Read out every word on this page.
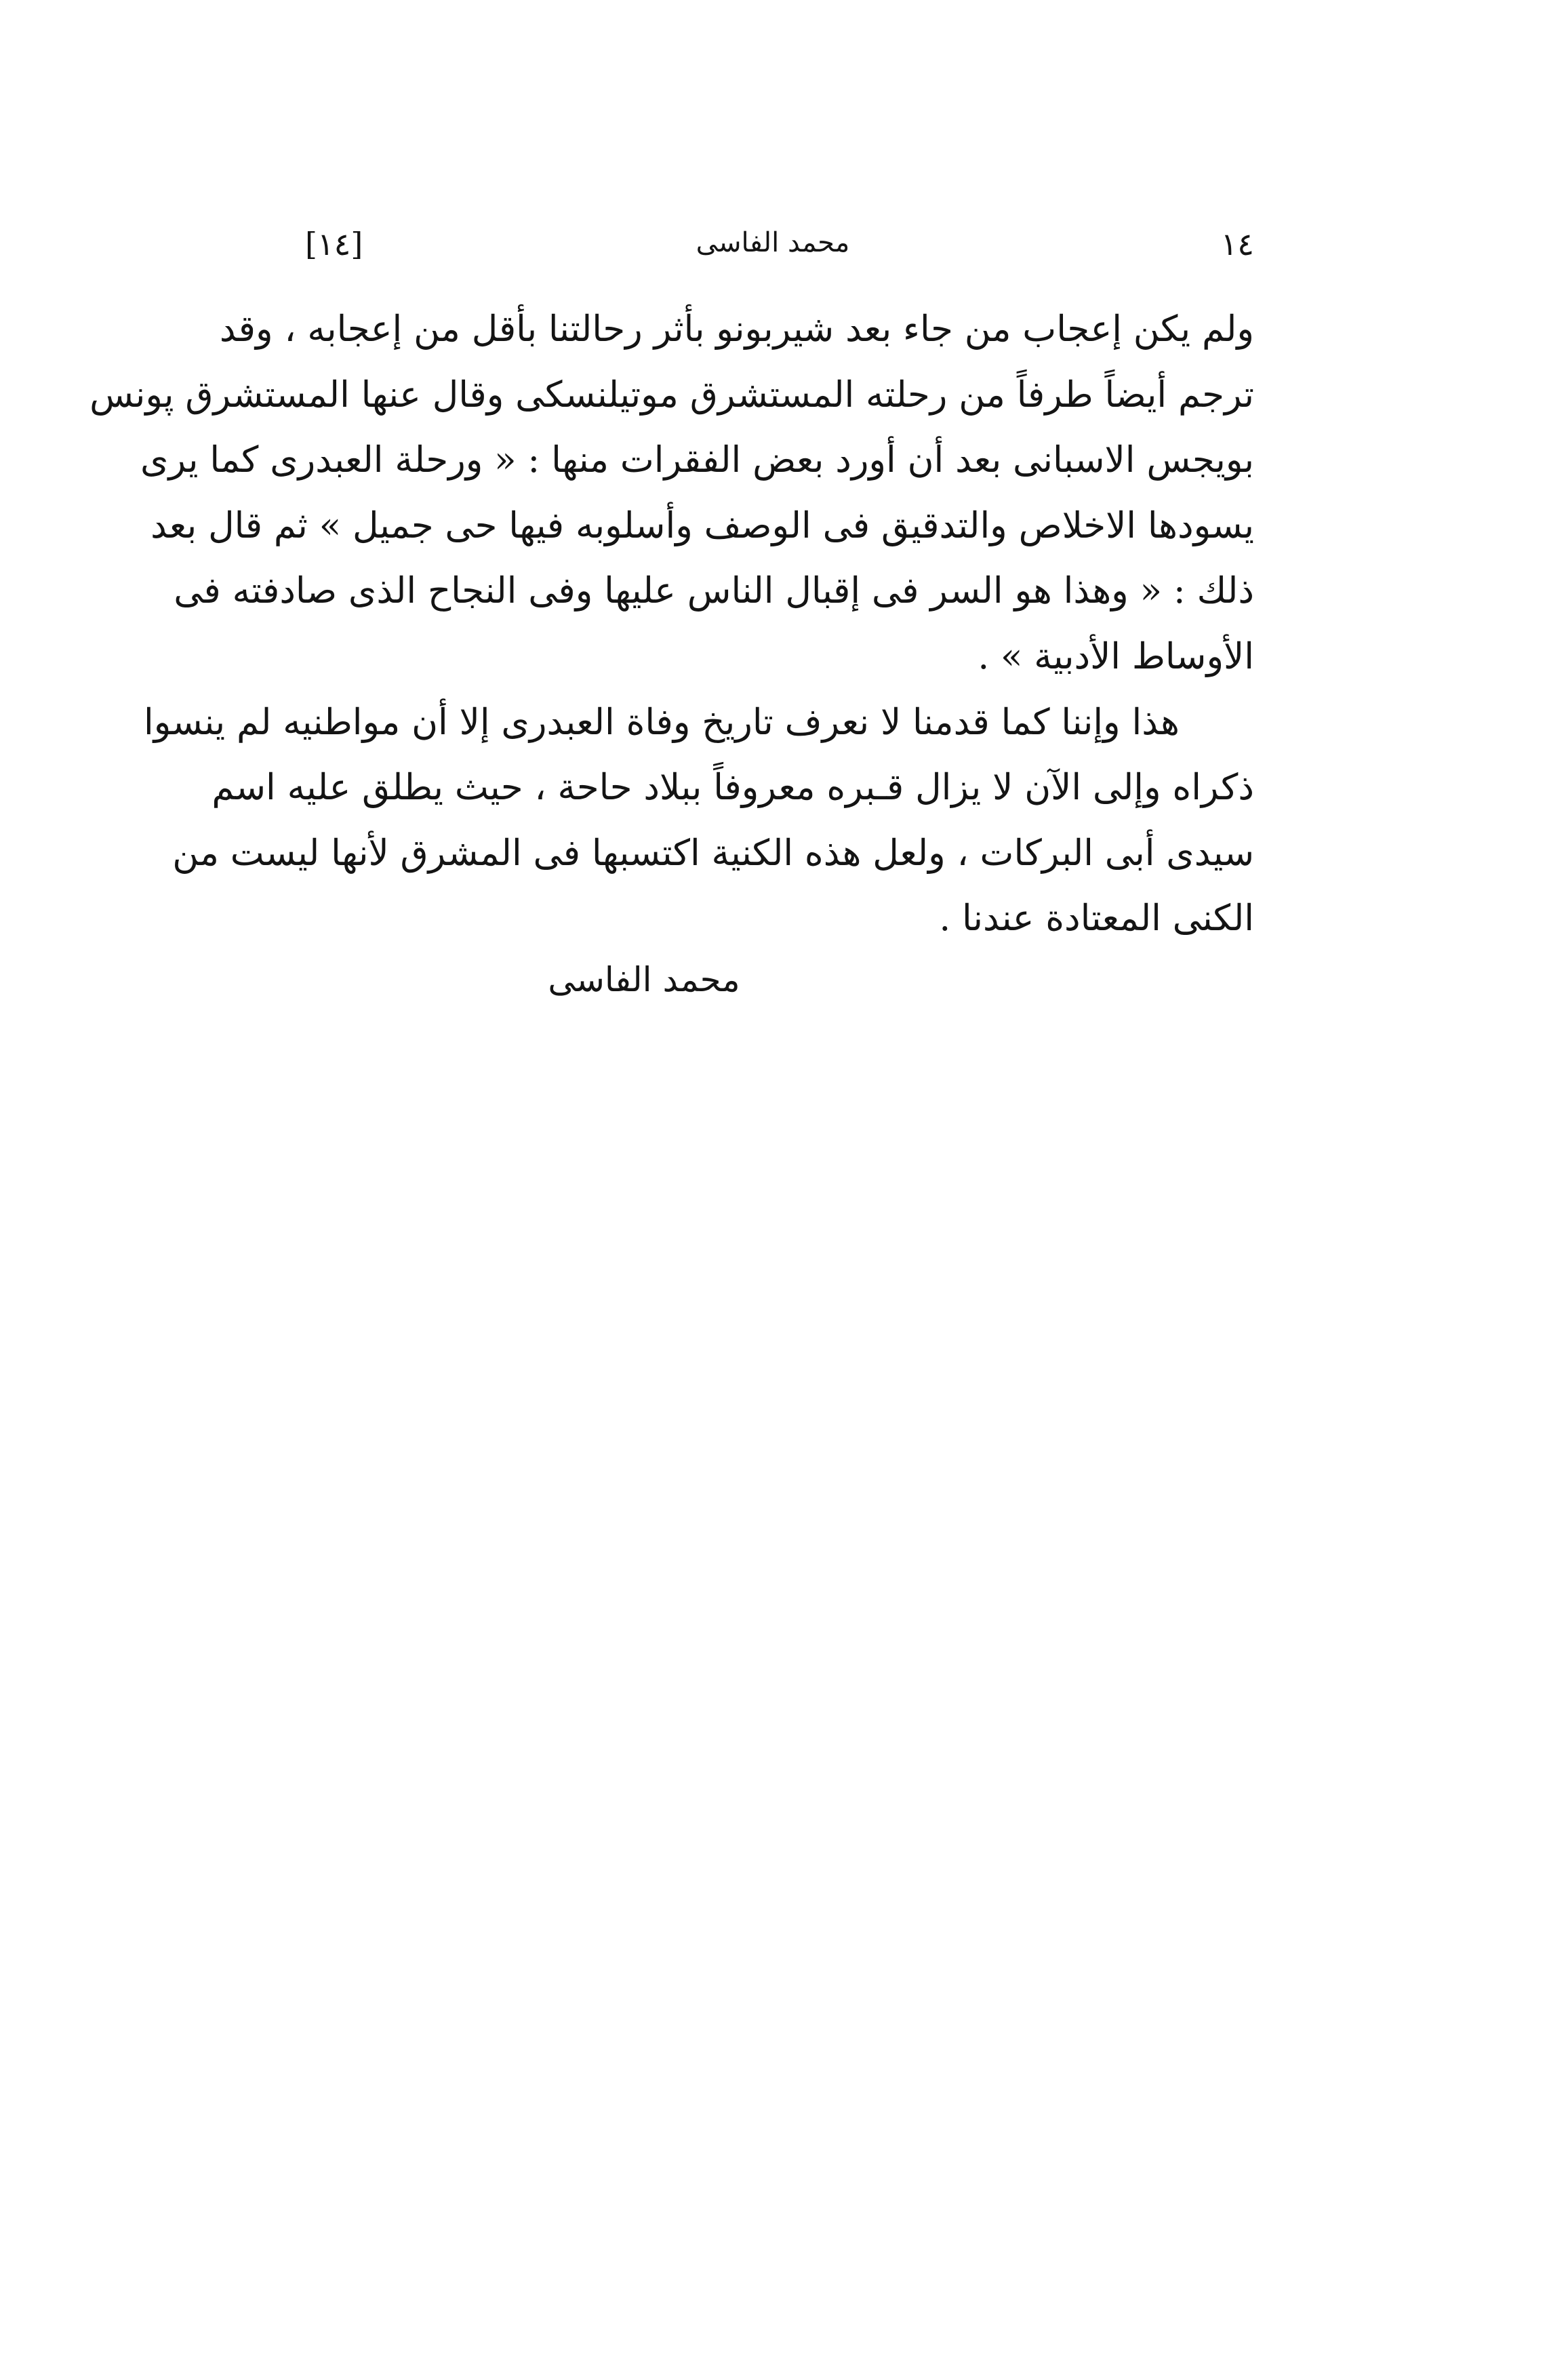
١٤
محمد الفاسى
[١٤]
ولم يكن إعجاب من جاء بعد شيربونو بأثر رحالتنا بأقل من إعجابه ، وقد
ترجم أيضاً طرفاً من رحلته المستشرق موتيلنسكى وقال عنها المستشرق پونس
بويجس الاسبانى بعد أن أورد بعض الفقرات منها : « ورحلة العبدرى كما يرى
يسودها الاخلاص والتدقيق فى الوصف وأسلوبه فيها حى جميل » ثم قال بعد
ذلك : « وهذا هو السر فى إقبال الناس عليها وفى النجاح الذى صادفته فى
الأوساط الأدبية » .
هذا وإننا كما قدمنا لا نعرف تاريخ وفاة العبدرى إلا أن مواطنيه لم ينسوا
ذكراه وإلى الآن لا يزال قـبره معروفاً ببلاد حاحة ، حيث يطلق عليه اسم
سيدى أبى البركات ، ولعل هذه الكنية اكتسبها فى المشرق لأنها ليست من
الكنى المعتادة عندنا .
محمد الفاسى
